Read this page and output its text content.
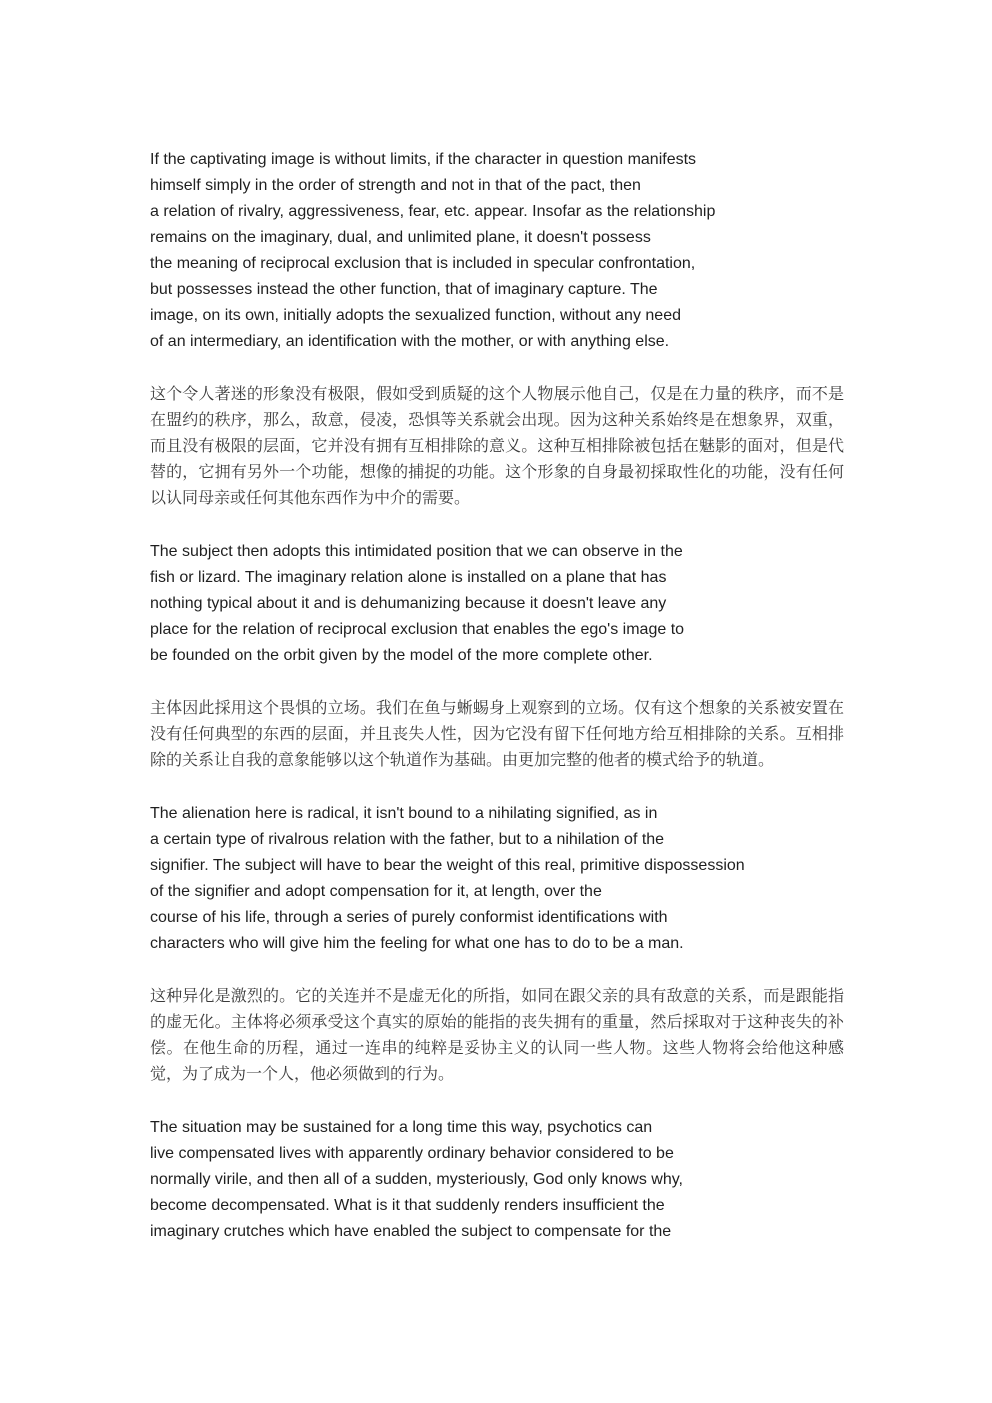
If the captivating image is without limits, if the character in question manifests
himself simply in the order of strength and not in that of the pact, then
a relation of rivalry, aggressiveness, fear, etc. appear. Insofar as the relationship
remains on the imaginary, dual, and unlimited plane, it doesn't possess
the meaning of reciprocal exclusion that is included in specular confrontation,
but possesses instead the other function, that of imaginary capture. The
image, on its own, initially adopts the sexualized function, without any need
of an intermediary, an identification with the mother, or with anything else.

这个令人著迷的形象没有极限，假如受到质疑的这个人物展示他自己，仅是在力量的秩序，而不是在盟约的秩序，那么，敌意，侵凌，恐惧等关系就会出现。因为这种关系始终是在想象界，双重，而且没有极限的层面，它并没有拥有互相排除的意义。这种互相排除被包括在魅影的面对，但是代替的，它拥有另外一个功能，想像的捕捉的功能。这个形象的自身最初採取性化的功能，没有任何以认同母亲或任何其他东西作为中介的需要。

The subject then adopts this intimidated position that we can observe in the
fish or lizard. The imaginary relation alone is installed on a plane that has
nothing typical about it and is dehumanizing because it doesn't leave any
place for the relation of reciprocal exclusion that enables the ego's image to
be founded on the orbit given by the model of the more complete other.

主体因此採用这个畏惧的立场。我们在鱼与蜥蜴身上观察到的立场。仅有这个想象的关系被安置在没有任何典型的东西的层面，并且丧失人性，因为它没有留下任何地方给互相排除的关系。互相排除的关系让自我的意象能够以这个轨道作为基础。由更加完整的他者的模式给予的轨道。

The alienation here is radical, it isn't bound to a nihilating signified, as in
a certain type of rivalrous relation with the father, but to a nihilation of the
signifier. The subject will have to bear the weight of this real, primitive dispossession
of the signifier and adopt compensation for it, at length, over the
course of his life, through a series of purely conformist identifications with
characters who will give him the feeling for what one has to do to be a man.

这种异化是激烈的。它的关连并不是虚无化的所指，如同在跟父亲的具有敌意的关系，而是跟能指的虚无化。主体将必须承受这个真实的原始的能指的丧失拥有的重量，然后採取对于这种丧失的补偿。在他生命的历程，通过一连串的纯粹是妥协主义的认同一些人物。这些人物将会给他这种感觉，为了成为一个人，他必须做到的行为。

The situation may be sustained for a long time this way, psychotics can
live compensated lives with apparently ordinary behavior considered to be
normally virile, and then all of a sudden, mysteriously, God only knows why,
become decompensated. What is it that suddenly renders insufficient the
imaginary crutches which have enabled the subject to compensate for the
